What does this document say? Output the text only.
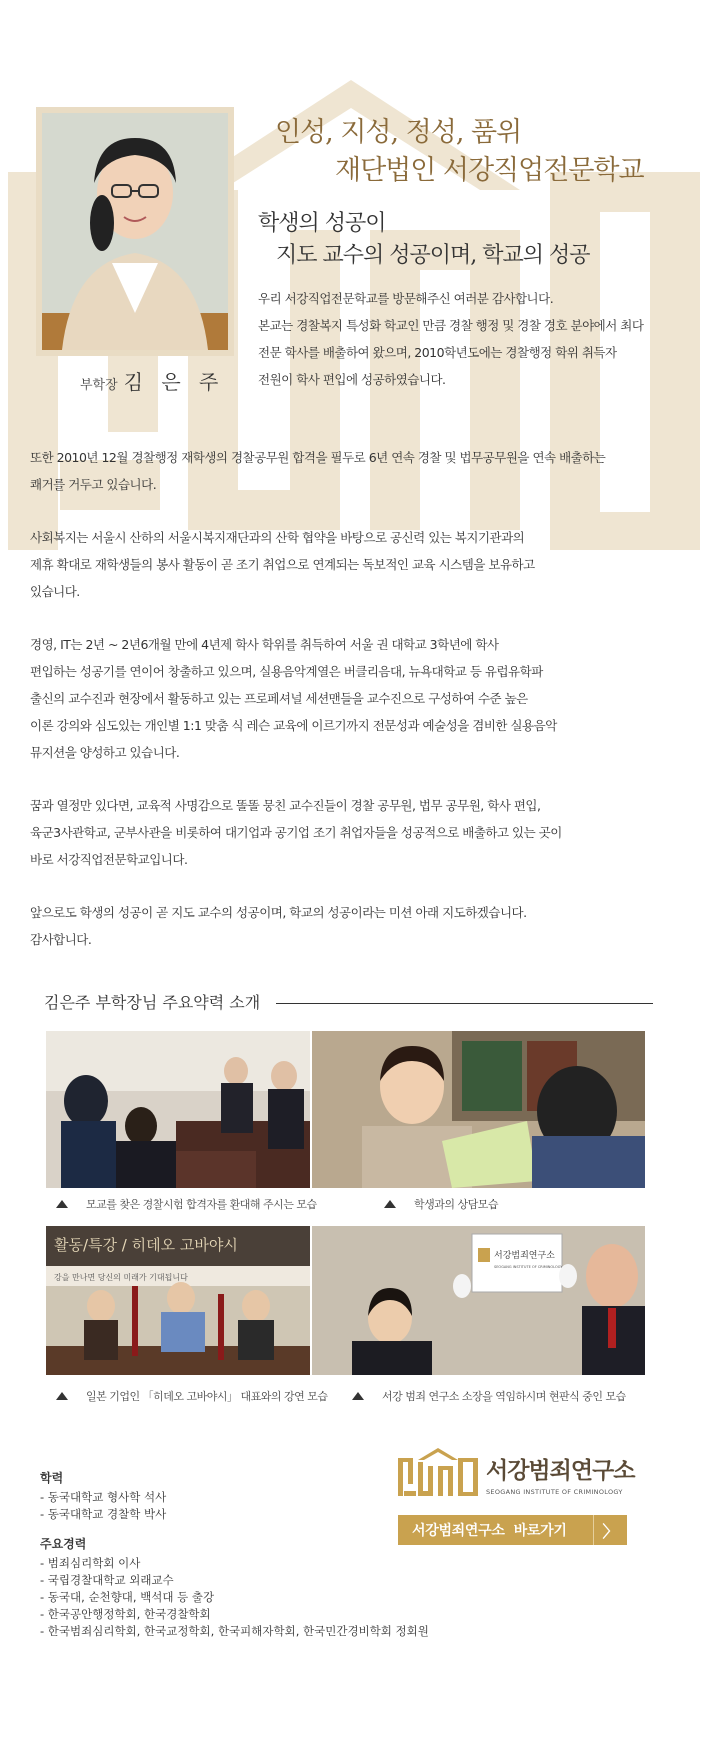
부학장 김 은 주
인성, 지성, 정성, 품위
재단법인 서강직업전문학교
학생의 성공이
지도 교수의 성공이며, 학교의 성공
우리 서강직업전문학교를 방문해주신 여러분 감사합니다.
본교는 경찰복지 특성화 학교인 만큼 경찰 행정 및 경찰 경호 분야에서 최다
전문 학사를 배출하여 왔으며, 2010학년도에는 경찰행정 학위 취득자
전원이 학사 편입에 성공하였습니다.

또한 2010년 12월 경찰행정 재학생의 경찰공무원 합격을 필두로 6년 연속 경찰 및 법무공무원을 연속 배출하는
쾌거를 거두고 있습니다.

사회복지는 서울시 산하의 서울시복지재단과의 산학 협약을 바탕으로 공신력 있는 복지기관과의
제휴 확대로 재학생들의 봉사 활동이 곧 조기 취업으로 연계되는 독보적인 교육 시스템을 보유하고
있습니다.

경영, IT는 2년 ~ 2년6개월 만에 4년제 학사 학위를 취득하여 서울 권 대학교 3학년에 학사
편입하는 성공기를 연이어 창출하고 있으며, 실용음악계열은 버클리음대, 뉴욕대학교 등 유럽유학파
출신의 교수진과 현장에서 활동하고 있는 프로페셔널 세션맨들을 교수진으로 구성하여 수준 높은
이론 강의와 심도있는 개인별 1:1 맞춤 식 레슨 교육에 이르기까지 전문성과 예술성을 겸비한 실용음악
뮤지션을 양성하고 있습니다.

꿈과 열정만 있다면, 교육적 사명감으로 똘똘 뭉친 교수진들이 경찰 공무원, 법무 공무원, 학사 편입,
육군3사관학교, 군부사관을 비롯하여 대기업과 공기업 조기 취업자들을 성공적으로 배출하고 있는 곳이
바로 서강직업전문학교입니다.

앞으로도 학생의 성공이 곧 지도 교수의 성공이며, 학교의 성공이라는 미션 아래 지도하겠습니다.
감사합니다.

김은주 부학장님 주요약력 소개
모교를 찾은 경찰시험 합격자를 환대해 주시는 모습	학생과의 상담모습
활동/특강 / 히데오 고바야시
강을 만나면 당신의 미래가 기대됩니다
서강범죄연구소
SEOGANG INSTITUTE OF CRIMINOLOGY
일본 기업인 「히데오 고바야시」 대표와의 강연 모습	서강 범죄 연구소 소장을 역임하시며 현판식 중인 모습
학력
- 동국대학교 형사학 석사
- 동국대학교 경찰학 박사
주요경력
- 범죄심리학회 이사
- 국립경찰대학교 외래교수
- 동국대, 순천향대, 백석대 등 출강
- 한국공안행정학회, 한국경찰학회
- 한국범죄심리학회, 한국교정학회, 한국피해자학회, 한국민간경비학회 정회원
서강범죄연구소
SEOGANG INSTITUTE OF CRIMINOLOGY
서강범죄연구소  바로가기	〉
